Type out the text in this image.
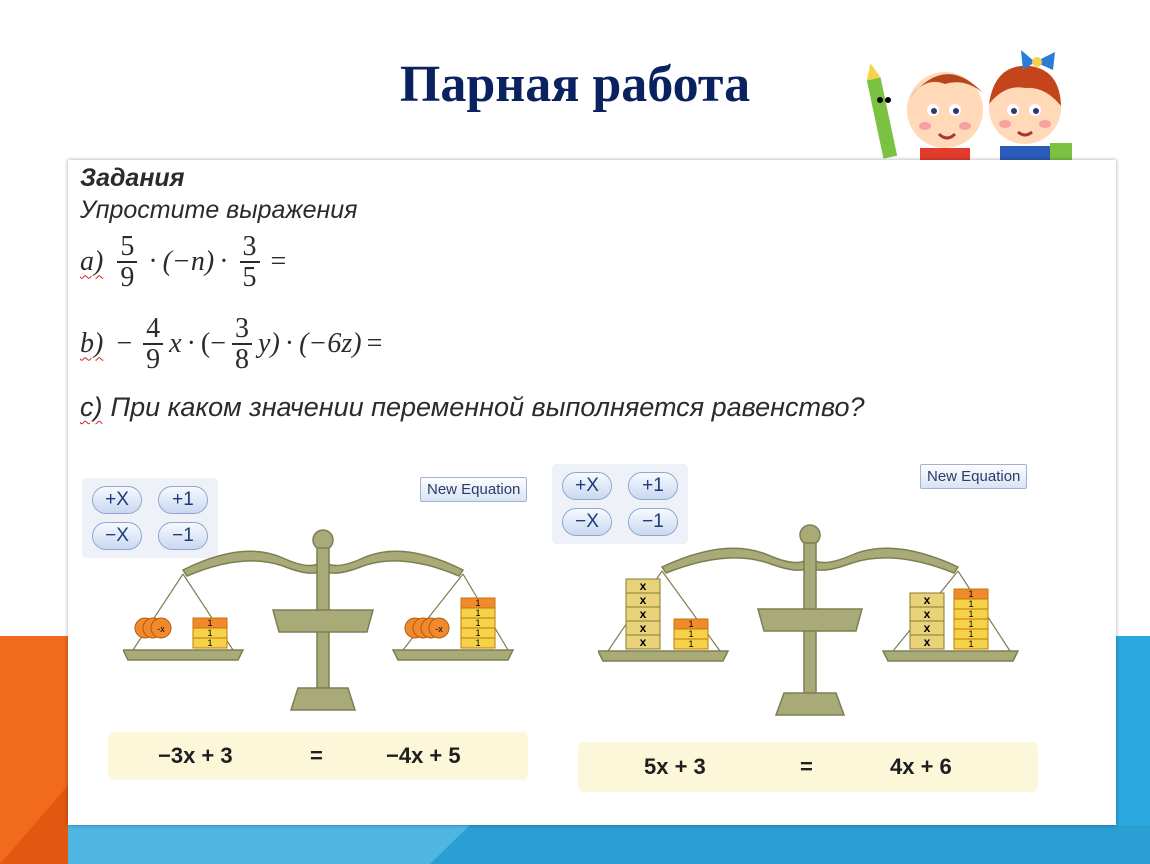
Парная работа
Задания
Упростите выражения
$a) \frac{5}{9} \cdot (-n) \cdot \frac{3}{5}$ =
$b) - \frac{4}{9}$ x · (− $\frac{3}{8} y) \cdot (-6z)$ =
c) При каком значении переменной выполняется равенство?
+X	+1
−X	−1
New Equation	+X	+1
−X	−1
New Equation
-x	1
1
1
-x
1
1
1
1
1
x
x
x
x
x
1
1
1
x
x
x
x
1
1
1
1
1
1
−3x + 3	=	−4x + 5	5x + 3	=	4x + 6
